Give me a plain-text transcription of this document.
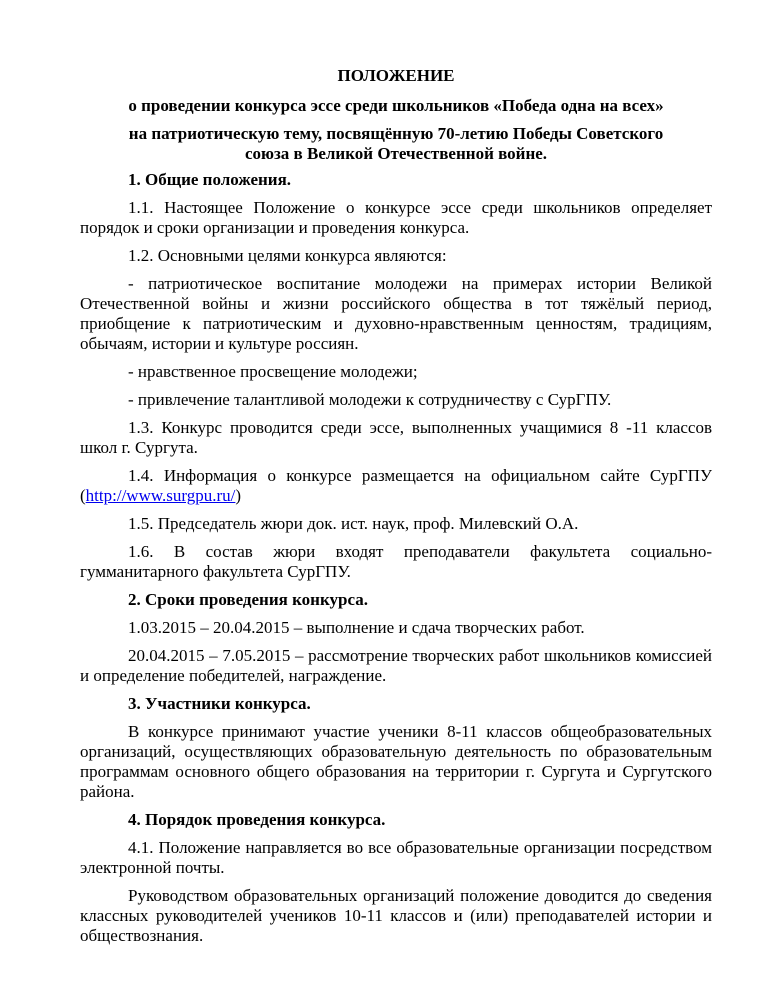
ПОЛОЖЕНИЕ
о проведении конкурса эссе среди школьников «Победа одна на всех»
на патриотическую тему, посвящённую 70-летию Победы Советского
союза в Великой Отечественной войне.
1. Общие положения.

1.1. Настоящее Положение о конкурсе эссе среди школьников определяет порядок и сроки организации и проведения конкурса.

1.2. Основными целями конкурса являются:

- патриотическое воспитание молодежи на примерах истории Великой Отечественной войны и жизни российского общества в тот тяжёлый период, приобщение к патриотическим и духовно-нравственным ценностям, традициям, обычаям, истории и культуре россиян.

- нравственное просвещение молодежи;

- привлечение талантливой молодежи к сотрудничеству с СурГПУ.

1.3. Конкурс проводится среди эссе, выполненных учащимися 8 -11 классов школ г. Сургута.

1.4. Информация о конкурсе размещается на официальном сайте СурГПУ (http://www.surgpu.ru/)

1.5. Председатель жюри док. ист. наук, проф. Милевский О.А.

1.6. В состав жюри входят преподаватели факультета социально-гумманитарного факультета СурГПУ.

2. Сроки проведения конкурса.

1.03.2015 – 20.04.2015 – выполнение и сдача творческих работ.

20.04.2015 – 7.05.2015 – рассмотрение творческих работ школьников комиссией и определение победителей, награждение.

3. Участники конкурса.

В конкурсе принимают участие ученики 8-11 классов общеобразовательных организаций, осуществляющих образовательную деятельность по образовательным программам основного общего образования на территории г. Сургута и Сургутского района.

4. Порядок проведения конкурса.

4.1. Положение направляется во все образовательные организации посредством электронной почты.

Руководством образовательных организаций положение доводится до сведения классных руководителей учеников 10-11 классов и (или) преподавателей истории и обществознания.
